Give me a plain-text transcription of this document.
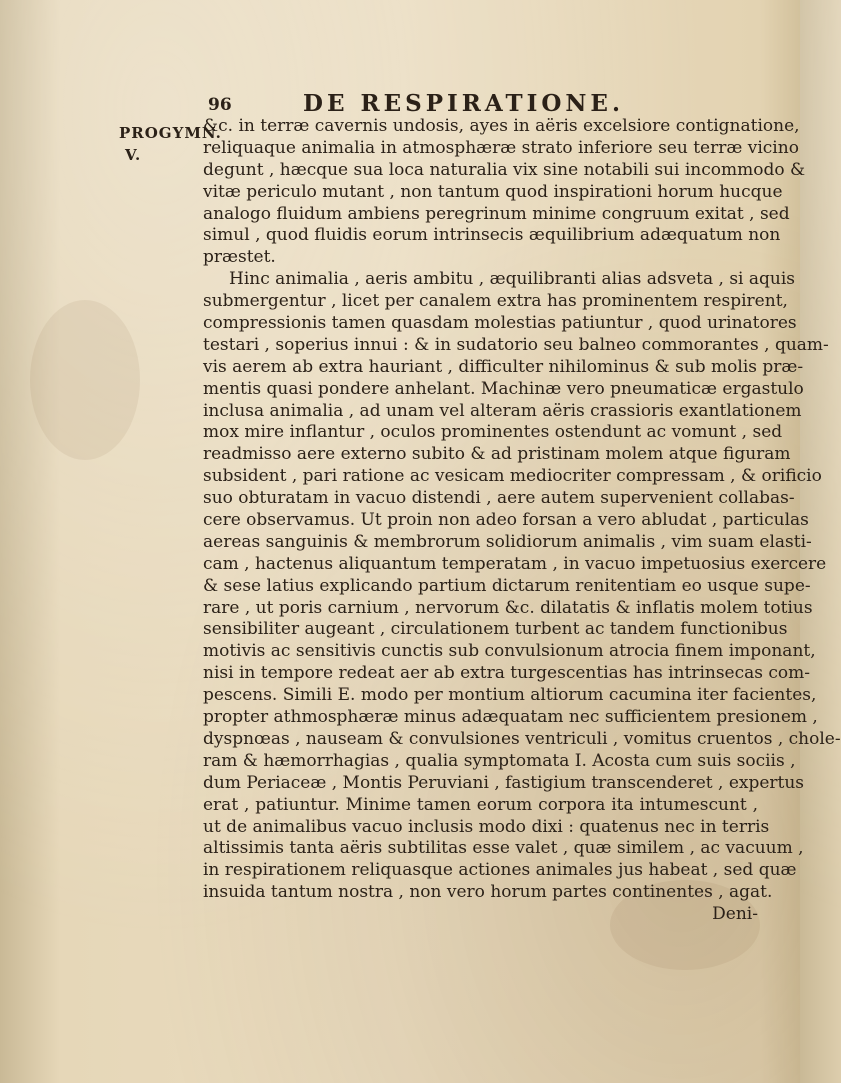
96	DE RESPIRATIONE.
PROGYMN.
V.
&c. in terræ cavernis undosis, ayes in aëris excelsiore contignatione,
reliquaque animalia in atmosphæræ strato inferiore seu terræ vicino
degunt , hæcque sua loca naturalia vix sine notabili sui incommodo &
vitæ periculo mutant , non tantum quod inspirationi horum hucque
analogo fluidum ambiens peregrinum minime congruum exitat , sed
simul , quod fluidis eorum intrinsecis æquilibrium adæquatum non
præstet.
Hinc animalia , aeris ambitu , æquilibranti alias adsveta , si aquis
submergentur , licet per canalem extra has prominentem respirent,
compressionis tamen quasdam molestias patiuntur , quod urinatores
testari , soperius innui : & in sudatorio seu balneo commorantes , quam-
vis aerem ab extra hauriant , difficulter nihilominus & sub molis præ-
mentis quasi pondere anhelant. Machinæ vero pneumaticæ ergastulo
inclusa animalia , ad unam vel alteram aëris crassioris exantlationem
mox mire inflantur , oculos prominentes ostendunt ac vomunt , sed
readmisso aere externo subito & ad pristinam molem atque figuram
subsident , pari ratione ac vesicam mediocriter compressam , & orificio
suo obturatam in vacuo distendi , aere autem supervenient collabas-
cere observamus. Ut proin non adeo forsan a vero abludat , particulas
aereas sanguinis & membrorum solidiorum animalis , vim suam elasti-
cam , hactenus aliquantum temperatam , in vacuo impetuosius exercere
& sese latius explicando partium dictarum renitentiam eo usque supe-
rare , ut poris carnium , nervorum &c. dilatatis & inflatis molem totius
sensibiliter augeant , circulationem turbent ac tandem functionibus
motivis ac sensitivis cunctis sub convulsionum atrocia finem imponant,
nisi in tempore redeat aer ab extra turgescentias has intrinsecas com-
pescens. Simili E. modo per montium altiorum cacumina iter facientes,
propter athmosphæræ minus adæquatam nec sufficientem presionem ,
dyspnœas , nauseam & convulsiones ventriculi , vomitus cruentos , chole-
ram & hæmorrhagias , qualia symptomata I. Acosta cum suis sociis ,
dum Periaceæ , Montis Peruviani , fastigium transcenderet , expertus
erat , patiuntur. Minime tamen eorum corpora ita intumescunt ,
ut de animalibus vacuo inclusis modo dixi : quatenus nec in terris
altissimis tanta aëris subtilitas esse valet , quæ similem , ac vacuum ,
in respirationem reliquasque actiones animales jus habeat , sed quæ
insuida tantum nostra , non vero horum partes continentes , agat.
Deni-
